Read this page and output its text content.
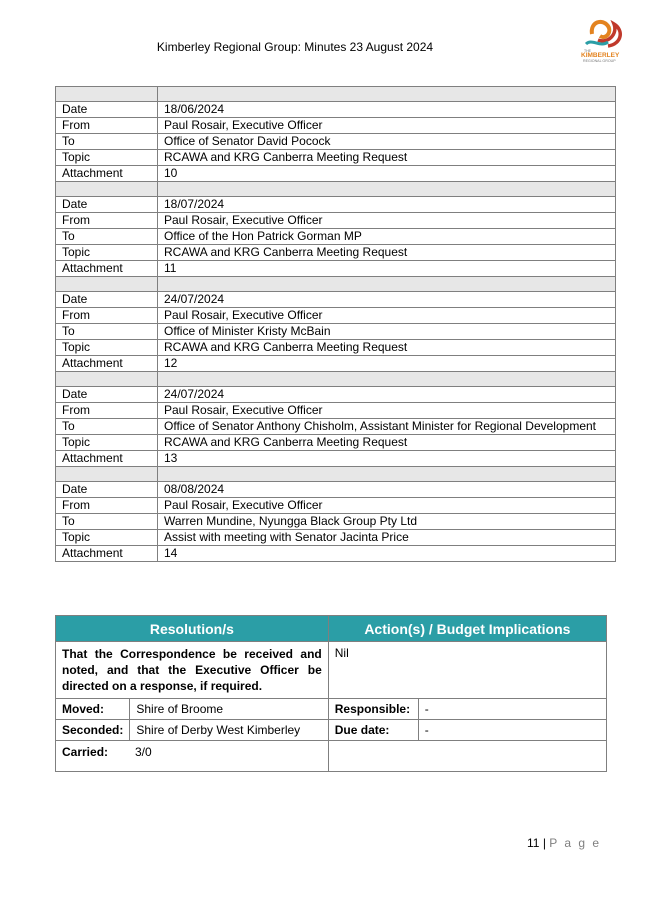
Kimberley Regional Group: Minutes 23 August 2024	THE
KIMBERLEY
REGIONAL GROUP

Date	18/06/2024
From	Paul Rosair, Executive Officer
To	Office of Senator David Pocock
Topic	RCAWA and KRG Canberra Meeting Request
Attachment	10

Date	18/07/2024
From	Paul Rosair, Executive Officer
To	Office of the Hon Patrick Gorman MP
Topic	RCAWA and KRG Canberra Meeting Request
Attachment	11

Date	24/07/2024
From	Paul Rosair, Executive Officer
To	Office of Minister Kristy McBain
Topic	RCAWA and KRG Canberra Meeting Request
Attachment	12

Date	24/07/2024
From	Paul Rosair, Executive Officer
To	Office of Senator Anthony Chisholm, Assistant Minister for Regional Development
Topic	RCAWA and KRG Canberra Meeting Request
Attachment	13

Date	08/08/2024
From	Paul Rosair, Executive Officer
To	Warren Mundine, Nyungga Black Group Pty Ltd
Topic	Assist with meeting with Senator Jacinta Price
Attachment	14
Resolution/s		Action(s) / Budget Implications	
That the Correspondence be received and noted, and that the Executive Officer be directed on a response, if required.		Nil	
Moved:	Shire of Broome	Responsible:	-
Seconded:	Shire of Derby West Kimberley	Due date:	-
Carried: 3/0			
11 | P a g e
